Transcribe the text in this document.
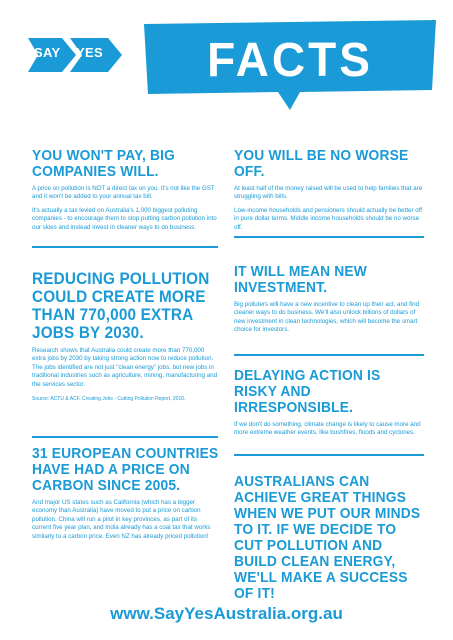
SAY YES	FACTS
YOU WON'T PAY, BIG COMPANIES WILL.

A price on pollution is NOT a direct tax on you. It's not like the GST and it won't be added to your annual tax bill.

It's actually a tax levied on Australia's 1,000 biggest polluting companies - to encourage them to stop putting carbon pollution into our skies and instead invest in cleaner ways to do business.

REDUCING POLLUTION COULD CREATE MORE THAN 770,000 EXTRA JOBS BY 2030.

Research shows that Australia could create more than 770,000 extra jobs by 2030 by taking strong action now to reduce pollution. The jobs identified are not just "clean energy" jobs, but new jobs in traditional industries such as agriculture, mining, manufacturing and the services sector.

Source: ACTU & ACF, Creating Jobs - Cutting Pollution Report, 2010.

31 EUROPEAN COUNTRIES HAVE HAD A PRICE ON CARBON SINCE 2005.

And major US states such as California (which has a bigger economy than Australia) have moved to put a price on carbon pollution. China will run a pilot in key provinces, as part of its current five year plan, and India already has a coal tax that works similarly to a carbon price. Even NZ has already priced pollution!

YOU WILL BE NO WORSE OFF.

At least half of the money raised will be used to help families that are struggling with bills.

Low-income households and pensioners should actually be better off in pure dollar terms. Middle income households should be no worse off.

IT WILL MEAN NEW INVESTMENT.

Big polluters will have a new incentive to clean up their act, and find cleaner ways to do business. We'll also unlock billions of dollars of new investment in clean technologies, which will become the smart choice for investors.

DELAYING ACTION IS RISKY AND IRRESPONSIBLE.

If we don't do something, climate change is likely to cause more and more extreme weather events, like bushfires, floods and cyclones.

AUSTRALIANS CAN ACHIEVE GREAT THINGS WHEN WE PUT OUR MINDS TO IT. IF WE DECIDE TO CUT POLLUTION AND BUILD CLEAN ENERGY, WE'LL MAKE A SUCCESS OF IT!
www.SayYesAustralia.org.au
